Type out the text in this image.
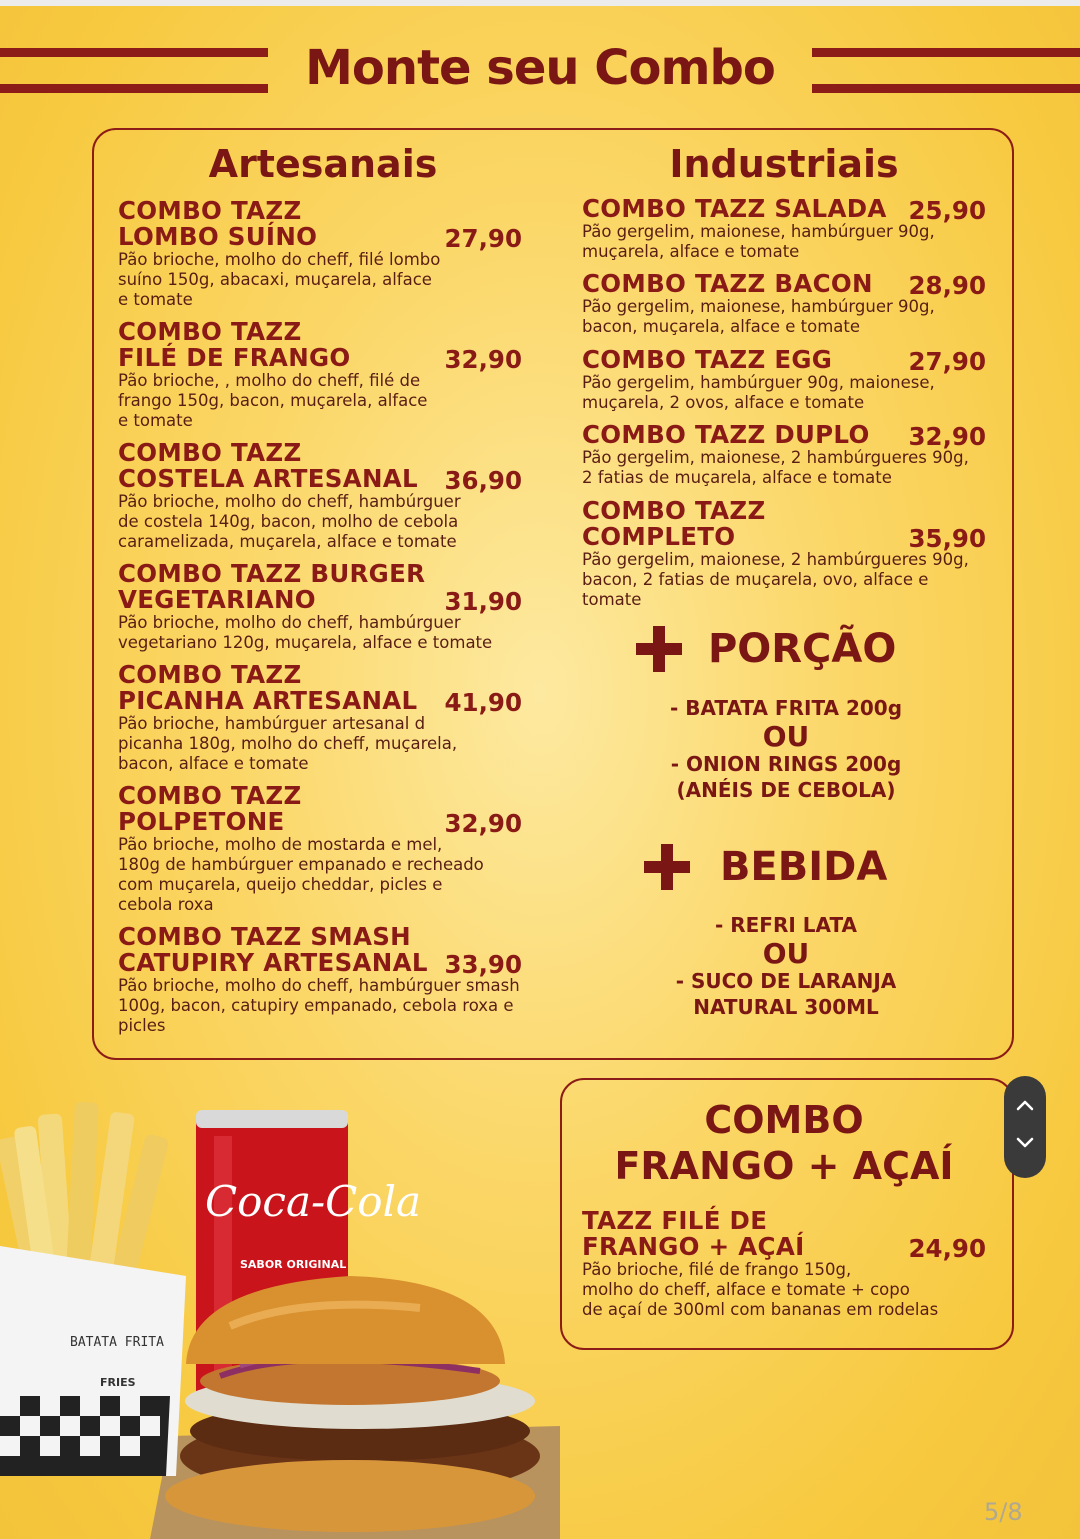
Monte seu Combo
Artesanais	Industriais
COMBO TAZZ
LOMBO SUÍNO	27,90
Pão brioche, molho do cheff, filé lombo
suíno 150g, abacaxi, muçarela, alface
e tomate
COMBO TAZZ
FILÉ DE FRANGO	32,90
Pão brioche, , molho do cheff, filé de
frango 150g, bacon, muçarela, alface
e tomate
COMBO TAZZ
COSTELA ARTESANAL	36,90
Pão brioche, molho do cheff, hambúrguer
de costela 140g, bacon, molho de cebola
caramelizada, muçarela, alface e tomate
COMBO TAZZ BURGER
VEGETARIANO	31,90
Pão brioche, molho do cheff, hambúrguer
vegetariano 120g, muçarela, alface e tomate
COMBO TAZZ
PICANHA ARTESANAL	41,90
Pão brioche, hambúrguer artesanal d
picanha 180g, molho do cheff, muçarela,
bacon, alface e tomate
COMBO TAZZ
POLPETONE	32,90
Pão brioche, molho de mostarda e mel,
180g de hambúrguer empanado e recheado
com muçarela, queijo cheddar, picles e
cebola roxa
COMBO TAZZ SMASH
CATUPIRY ARTESANAL 33,90
Pão brioche, molho do cheff, hambúrguer smash
100g, bacon, catupiry empanado, cebola roxa e
picles
COMBO TAZZ SALADA 25,90
Pão gergelim, maionese, hambúrguer 90g,
muçarela, alface e tomate
COMBO TAZZ BACON	28,90
Pão gergelim, maionese, hambúrguer 90g,
bacon, muçarela, alface e tomate
COMBO TAZZ EGG	27,90
Pão gergelim, hambúrguer 90g, maionese,
muçarela, 2 ovos, alface e tomate
COMBO TAZZ DUPLO	32,90
Pão gergelim, maionese, 2 hambúrgueres 90g,
2 fatias de muçarela, alface e tomate
COMBO TAZZ
COMPLETO	35,90
Pão gergelim, maionese, 2 hambúrgueres 90g,
bacon, 2 fatias de muçarela, ovo, alface e tomate
PORÇÃO
- BATATA FRITA 200g
OU
- ONION RINGS 200g
(ANÉIS DE CEBOLA)
BEBIDA
- REFRI LATA
OU
- SUCO DE LARANJA
NATURAL 300ML
COMBO
FRANGO + AÇAÍ
TAZZ FILÉ DE
FRANGO + AÇAÍ	24,90
Pão brioche, filé de frango 150g,
molho do cheff, alface e tomate + copo
de açaí de 300ml com bananas em rodelas
Coca-Cola
SABOR ORIGINAL
BATATA FRITA
FRIES
5/8
